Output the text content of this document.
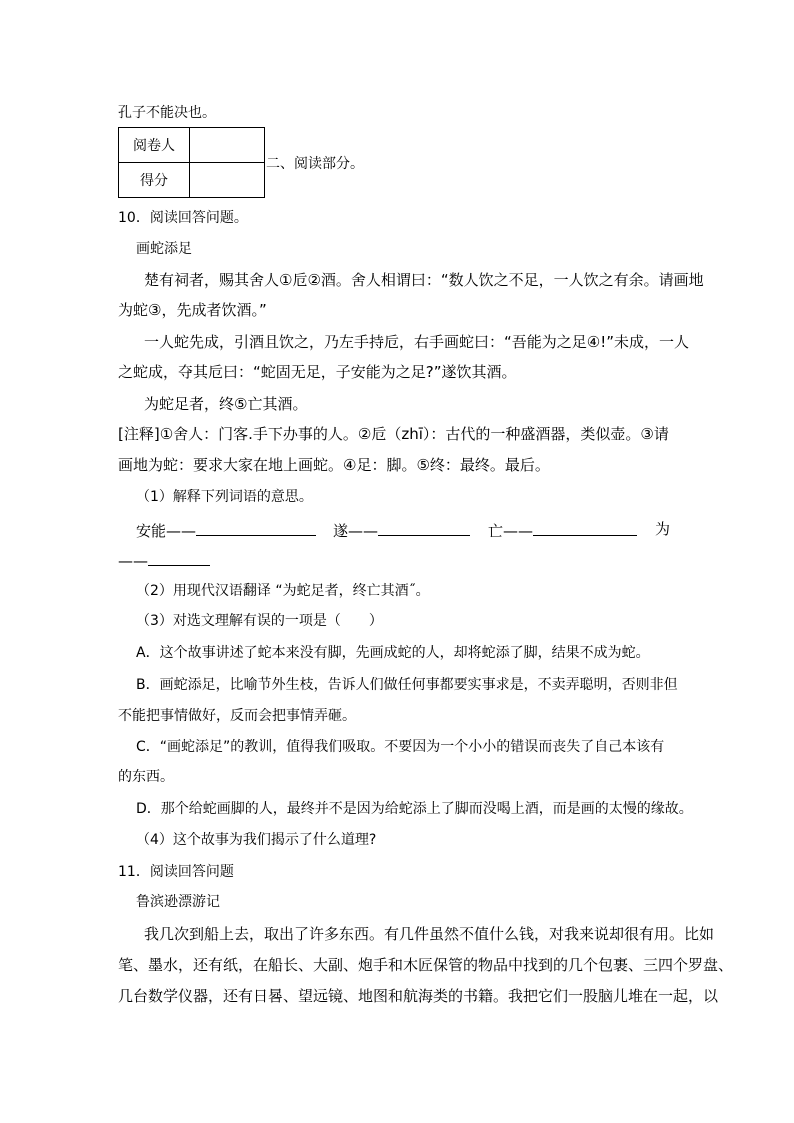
孔子不能决也。
阅卷人	
得分	
二、阅读部分。
10．阅读回答问题。
画蛇添足
楚有祠者，赐其舍人①卮②酒。舍人相谓曰：“数人饮之不足，一人饮之有余。请画地
为蛇③，先成者饮酒。”
一人蛇先成，引酒且饮之，乃左手持卮，右手画蛇曰：“吾能为之足④!”未成，一人
之蛇成，夺其卮曰：“蛇固无足，子安能为之足?”遂饮其酒。
为蛇足者，终⑤亡其酒。
[注释]①舍人：门客.手下办事的人。②卮（zhī）：古代的一种盛酒器，类似壶。③请
画地为蛇：要求大家在地上画蛇。④足：脚。⑤终：最终。最后。
（1）解释下列词语的意思。
安能——	遂——	亡——	为
——
（2）用现代汉语翻译 “为蛇足者，终亡其酒˝。
（3）对选文理解有误的一项是（　　）
A．这个故事讲述了蛇本来没有脚，先画成蛇的人，却将蛇添了脚，结果不成为蛇。
B．画蛇添足，比喻节外生枝，告诉人们做任何事都要实事求是，不卖弄聪明，否则非但
不能把事情做好，反而会把事情弄砸。
C．“画蛇添足”的教训，值得我们吸取。不要因为一个小小的错误而丧失了自己本该有
的东西。
D．那个给蛇画脚的人，最终并不是因为给蛇添上了脚而没喝上酒，而是画的太慢的缘故。
（4）这个故事为我们揭示了什么道理?
11．阅读回答问题
鲁滨逊漂游记
我几次到船上去，取出了许多东西。有几件虽然不值什么钱，对我来说却很有用。比如
笔、墨水，还有纸，在船长、大副、炮手和木匠保管的物品中找到的几个包裹、三四个罗盘、
几台数学仪器，还有日晷、望远镜、地图和航海类的书籍。我把它们一股脑儿堆在一起，以
